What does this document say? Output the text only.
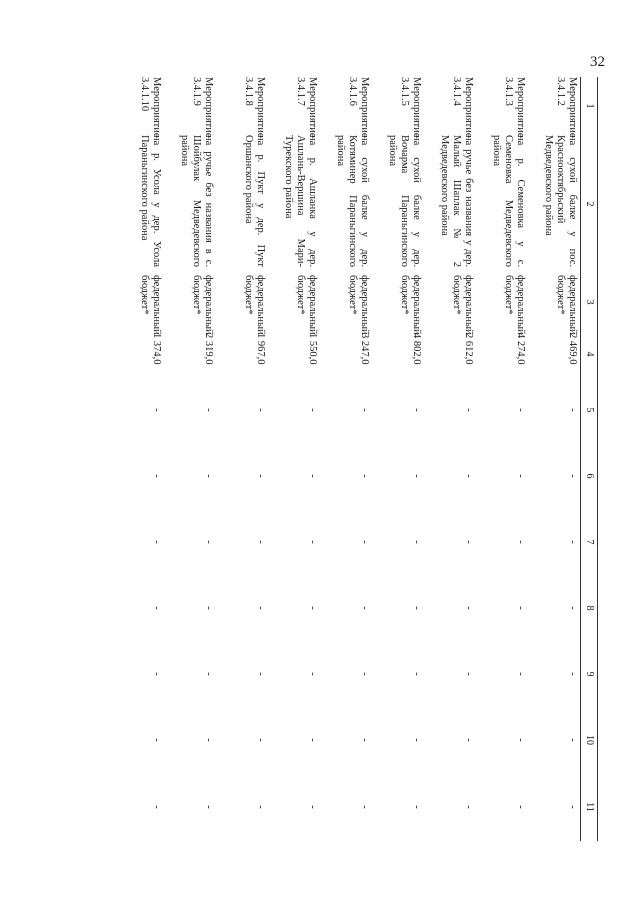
32
1	2	3	4	5	6	7	8	9	10	11
Мероприятие 3.4.1.2	на сухой балке у пос. Краснооктябрьский Медведевского района	федеральный бюджет*	2 469,0	-	-	-	-	-	-	-
Мероприятие 3.4.1.3	на р. Семеновка у с. Семеновка Медведевского района	федеральный бюджет*	4 274,0	-	-	-	-	-	-	-
Мероприятие 3.4.1.4	на ручье без названия у дер. Малый Шаплак № 2 Медведевского района	федеральный бюджет*	2 612,0	-	-	-	-	-	-	-
Мероприятие 3.4.1.5	на сухой балке у дер. Вочарма Параньгинского района	федеральный бюджет*	4 802,0	-	-	-	-	-	-	-
Мероприятие 3.4.1.6	на сухой балке у дер. Котяминер Параньгинского района	федеральный бюджет*	3 247,0	-	-	-	-	-	-	-
Мероприятие 3.4.1.7	на р. Ашланка у дер. Ашлань-Вершина Мари-Турекского района	федеральный бюджет*	1 550,0	-	-	-	-	-	-	-
Мероприятие 3.4.1.8	на р. Пукт у дер. Пукт Оршанского района	федеральный бюджет*	1 967,0	-	-	-	-	-	-	-
Мероприятие 3.4.1.9	на ручье без названия в с. Шойбулак Медведевского района	федеральный бюджет*	2 319,0	-	-	-	-	-	-	-
Мероприятие 3.4.1.10	на р. Усола у дер. Усола Параньгинского района	федеральный бюджет*	1 374,0	-	-	-	-	-	-	-
